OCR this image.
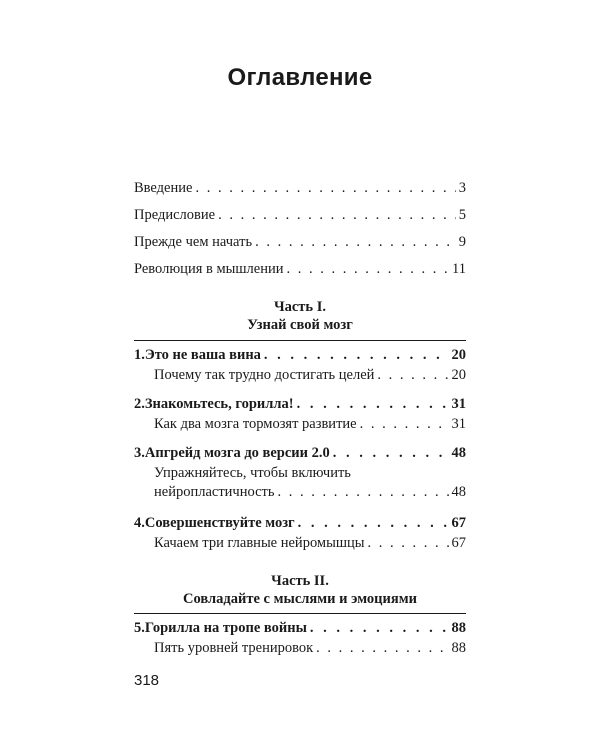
Оглавление
Введение . . .	3
Предисловие . . .	5
Прежде чем начать . . .	9
Революция в мышлении . . .	11
Часть I.
Узнай свой мозг
1. Это не ваша вина . . .	20
Почему так трудно достигать целей . . .	20
2. Знакомьтесь, горилла! . . .	31
Как два мозга тормозят развитие . . .	31
3. Апгрейд мозга до версии 2.0 . . .	48
Упражняйтесь, чтобы включить
нейропластичность . . .	48
4. Совершенствуйте мозг . . .	67
Качаем три главные нейромышцы . . .	67
Часть II.
Совладайте с мыслями и эмоциями
5. Горилла на тропе войны . . .	88
Пять уровней тренировок . . .	88
318
